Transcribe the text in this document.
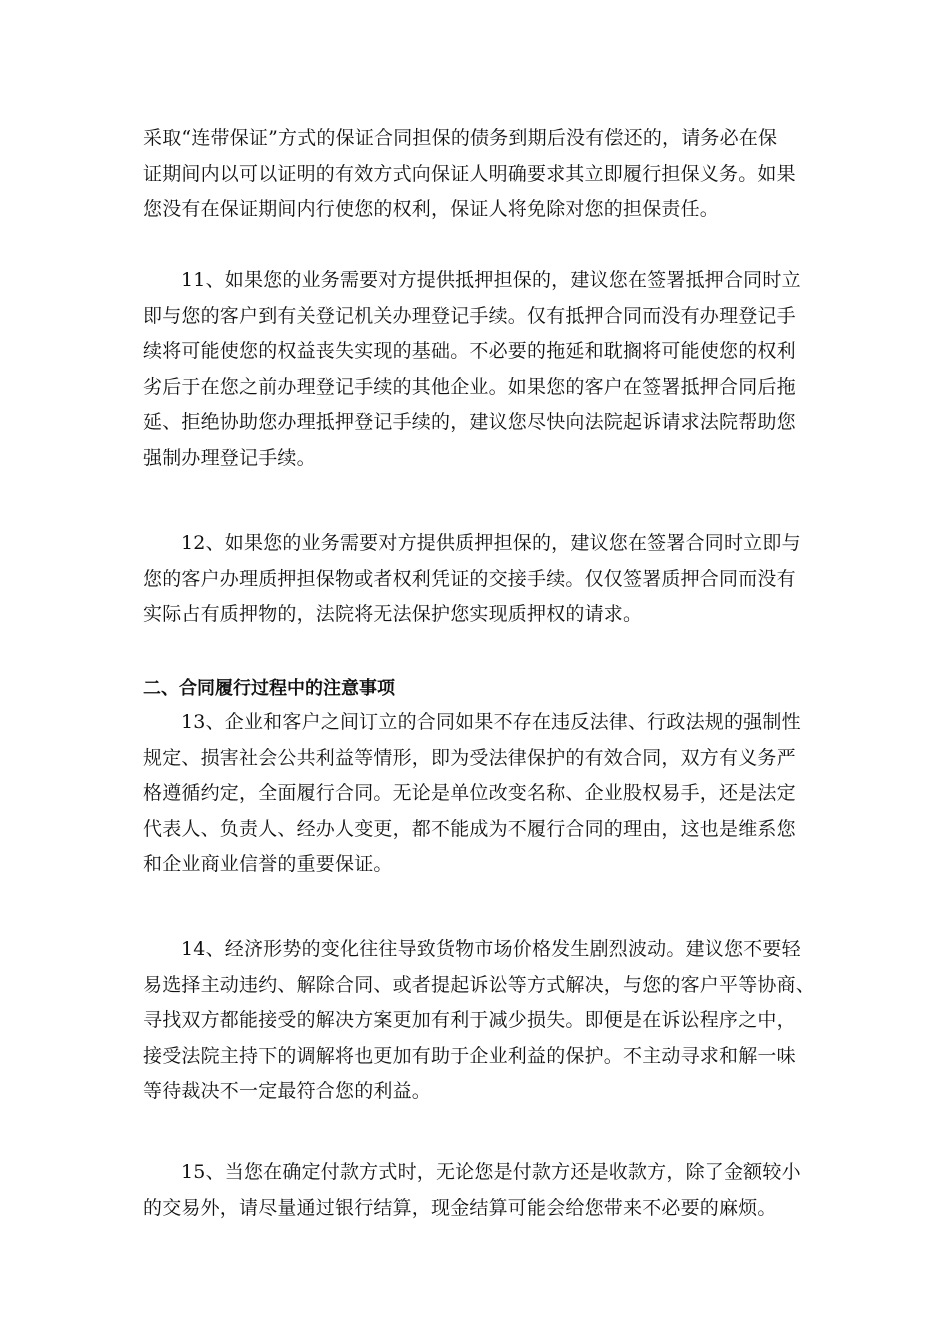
采取“连带保证”方式的保证合同担保的债务到期后没有偿还的，请务必在保
证期间内以可以证明的有效方式向保证人明确要求其立即履行担保义务。如果
您没有在保证期间内行使您的权利，保证人将免除对您的担保责任。
11、如果您的业务需要对方提供抵押担保的，建议您在签署抵押合同时立
即与您的客户到有关登记机关办理登记手续。仅有抵押合同而没有办理登记手
续将可能使您的权益丧失实现的基础。不必要的拖延和耽搁将可能使您的权利
劣后于在您之前办理登记手续的其他企业。如果您的客户在签署抵押合同后拖
延、拒绝协助您办理抵押登记手续的，建议您尽快向法院起诉请求法院帮助您
强制办理登记手续。
12、如果您的业务需要对方提供质押担保的，建议您在签署合同时立即与
您的客户办理质押担保物或者权利凭证的交接手续。仅仅签署质押合同而没有
实际占有质押物的，法院将无法保护您实现质押权的请求。
二、合同履行过程中的注意事项
13、企业和客户之间订立的合同如果不存在违反法律、行政法规的强制性
规定、损害社会公共利益等情形，即为受法律保护的有效合同，双方有义务严
格遵循约定，全面履行合同。无论是单位改变名称、企业股权易手，还是法定
代表人、负责人、经办人变更，都不能成为不履行合同的理由，这也是维系您
和企业商业信誉的重要保证。
14、经济形势的变化往往导致货物市场价格发生剧烈波动。建议您不要轻
易选择主动违约、解除合同、或者提起诉讼等方式解决，与您的客户平等协商、
寻找双方都能接受的解决方案更加有利于减少损失。即便是在诉讼程序之中，
接受法院主持下的调解将也更加有助于企业利益的保护。不主动寻求和解一味
等待裁决不一定最符合您的利益。
15、当您在确定付款方式时，无论您是付款方还是收款方，除了金额较小
的交易外，请尽量通过银行结算，现金结算可能会给您带来不必要的麻烦。
